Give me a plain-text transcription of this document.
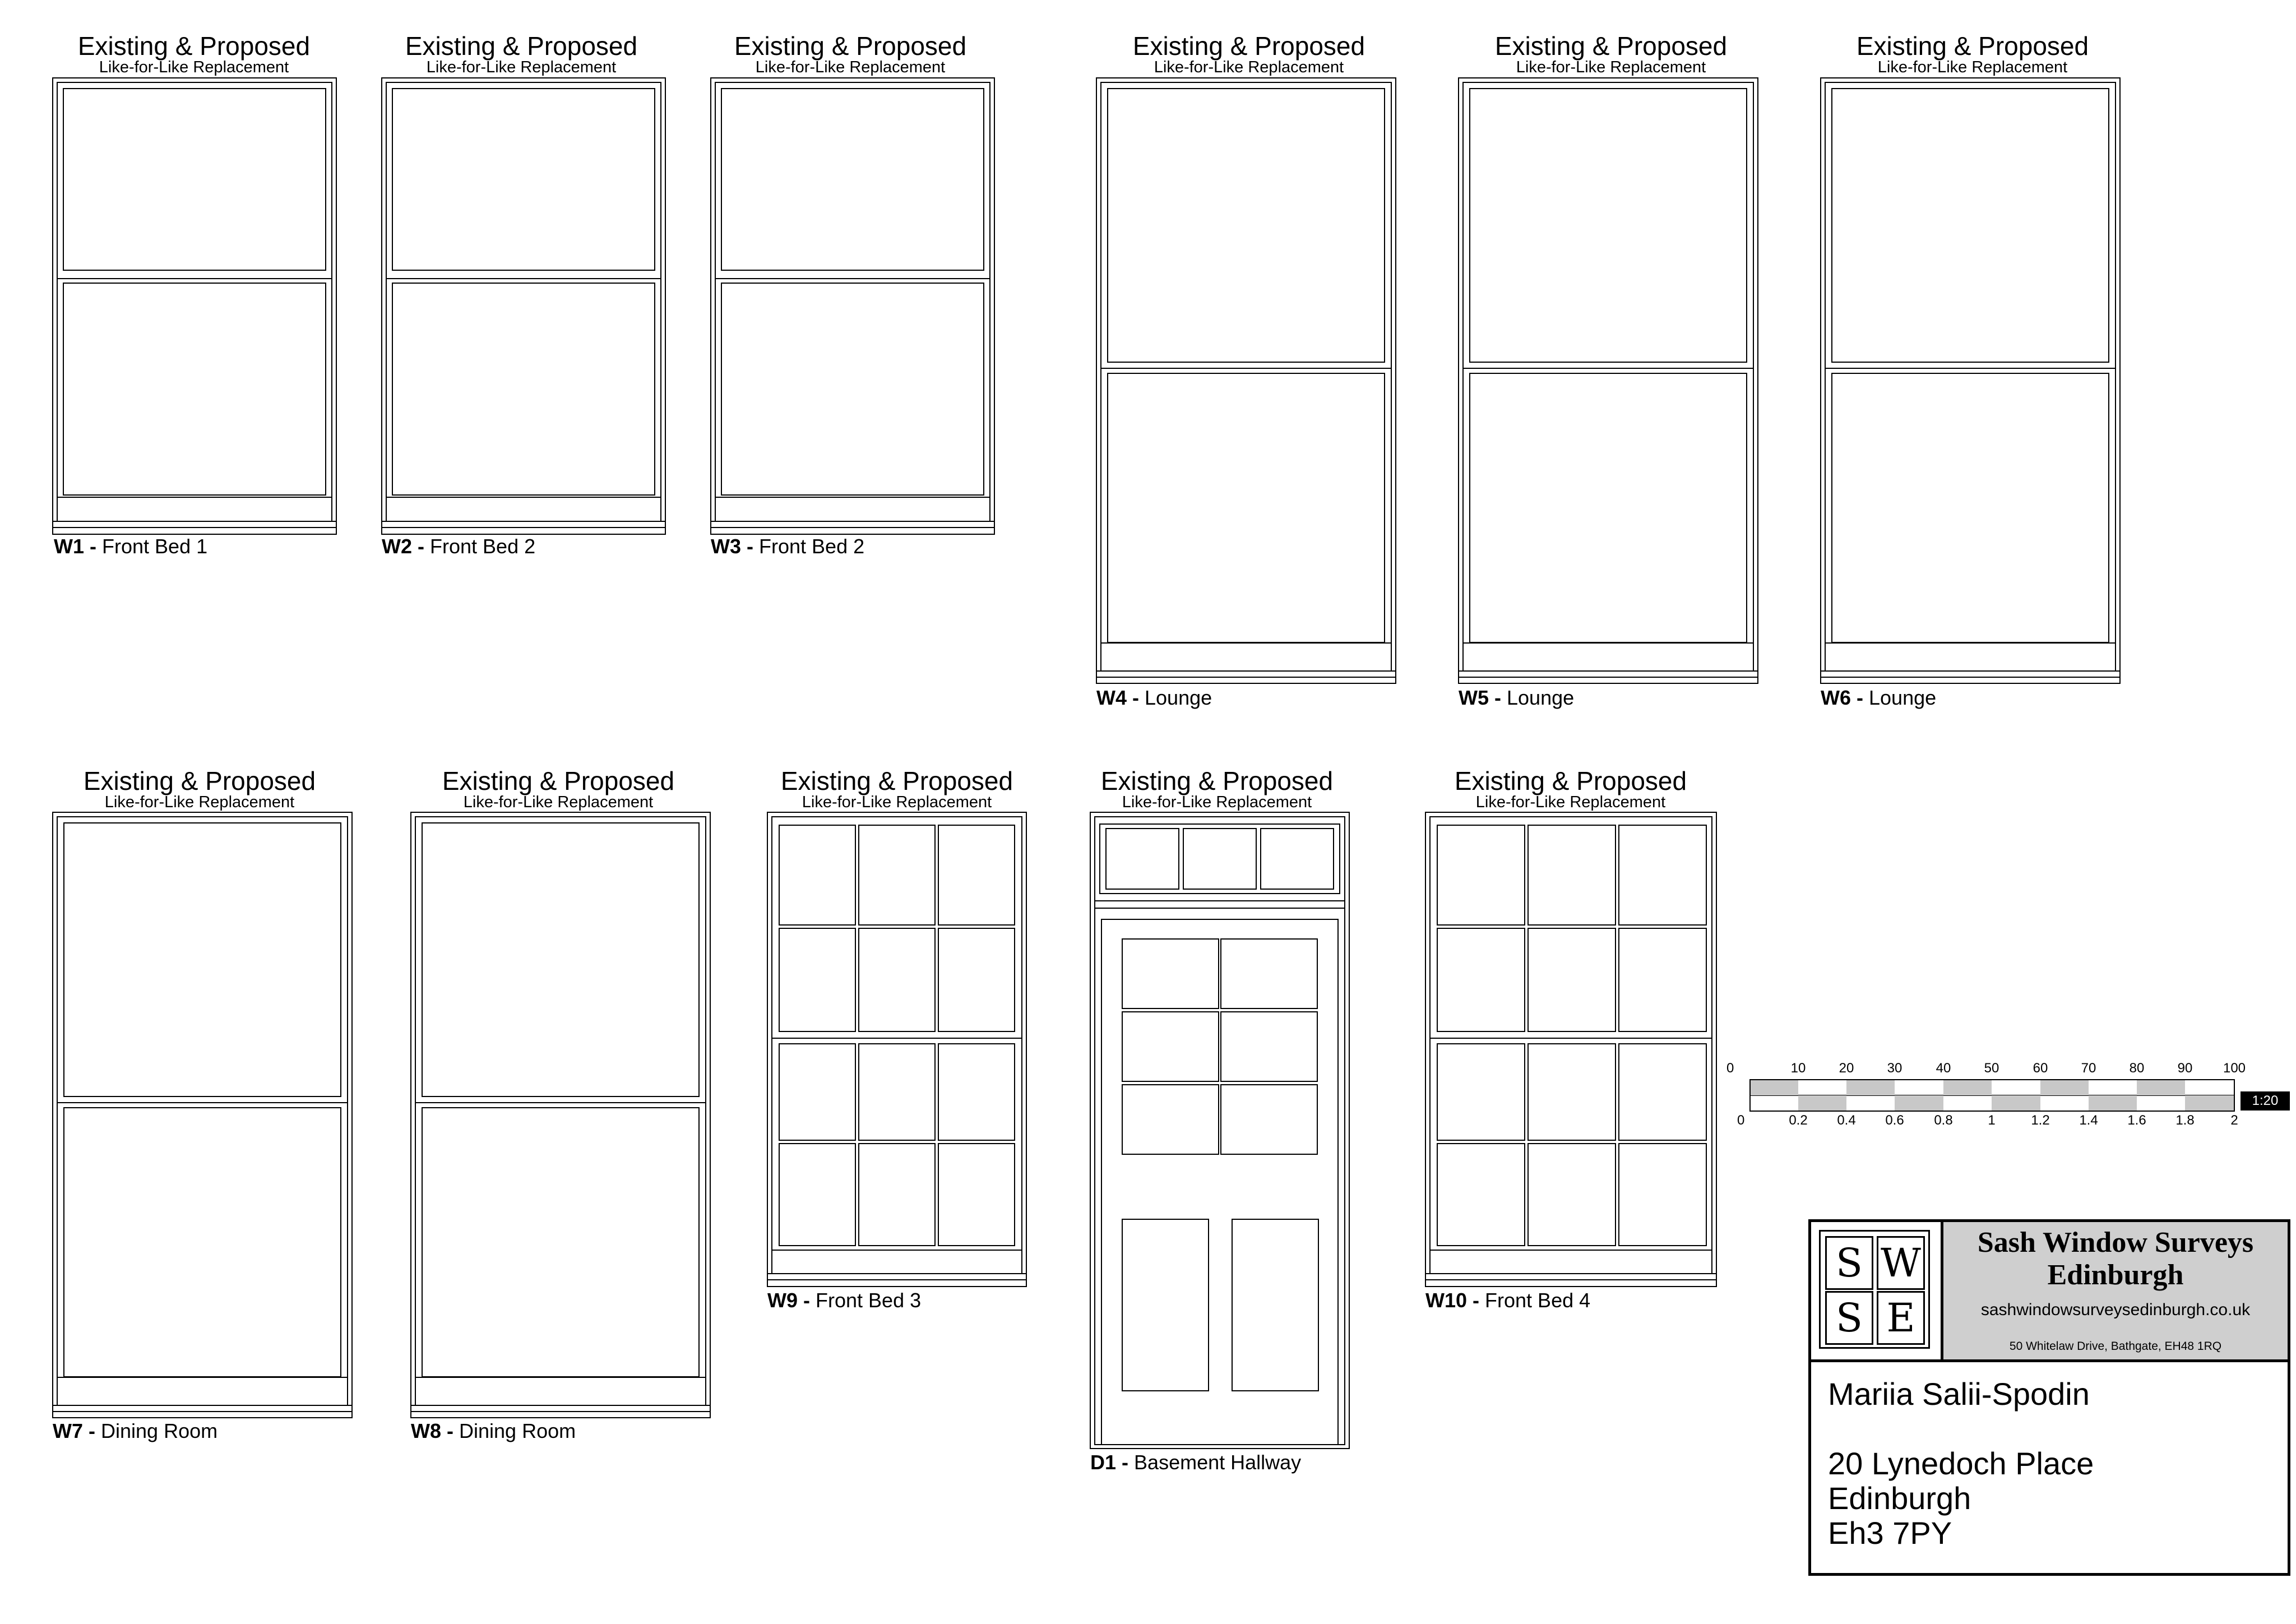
Existing & Proposed
Like-for-Like Replacement
Existing & Proposed
Like-for-Like Replacement
Existing & Proposed
Like-for-Like Replacement
Existing & Proposed
Like-for-Like Replacement
Existing & Proposed
Like-for-Like Replacement
Existing & Proposed
Like-for-Like Replacement
Existing & Proposed
Like-for-Like Replacement
Existing & Proposed
Like-for-Like Replacement
Existing & Proposed
Like-for-Like Replacement
Existing & Proposed
Like-for-Like Replacement
Existing & Proposed
Like-for-Like Replacement
W1 - Front Bed 1	W2 - Front Bed 2	W3 - Front Bed 2
W4 - Lounge	W5 - Lounge	W6 - Lounge
W7 - Dining Room	W8 - Dining Room
W9 - Front Bed 3
D1 - Basement Hallway
W10 - Front Bed 4
0	10	20	30	40	50	60	70	80	90	100
0	0.2	0.4	0.6	0.8	1	1.2	1.4	1.6	1.8	2
1:20
S W
S E
Sash Window Surveys
Edinburgh
sashwindowsurveysedinburgh.co.uk
50 Whitelaw Drive, Bathgate, EH48 1RQ
Mariia Salii-Spodin
20 Lynedoch Place
Edinburgh
Eh3 7PY
